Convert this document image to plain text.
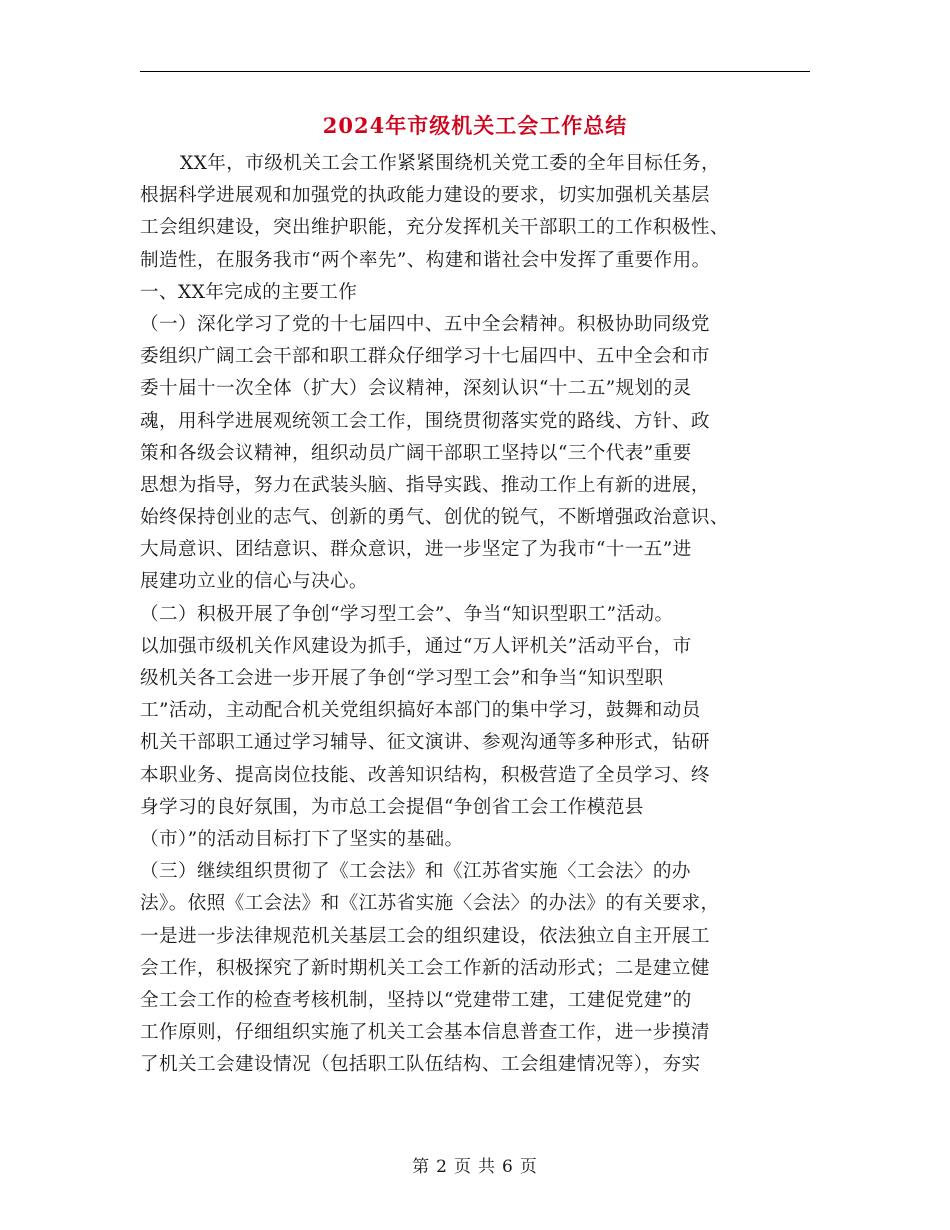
2024年市级机关工会工作总结
XX年，市级机关工会工作紧紧围绕机关党工委的全年目标任务，
根据科学进展观和加强党的执政能力建设的要求，切实加强机关基层
工会组织建设，突出维护职能，充分发挥机关干部职工的工作积极性、
制造性，在服务我市“两个率先”、构建和谐社会中发挥了重要作用。
一、XX年完成的主要工作
（一）深化学习了党的十七届四中、五中全会精神。积极协助同级党
委组织广阔工会干部和职工群众仔细学习十七届四中、五中全会和市
委十届十一次全体（扩大）会议精神，深刻认识“十二五”规划的灵
魂，用科学进展观统领工会工作，围绕贯彻落实党的路线、方针、政
策和各级会议精神，组织动员广阔干部职工坚持以“三个代表”重要
思想为指导，努力在武装头脑、指导实践、推动工作上有新的进展，
始终保持创业的志气、创新的勇气、创优的锐气，不断增强政治意识、
大局意识、团结意识、群众意识，进一步坚定了为我市“十一五”进
展建功立业的信心与决心。
（二）积极开展了争创“学习型工会”、争当“知识型职工”活动。
以加强市级机关作风建设为抓手，通过“万人评机关”活动平台，市
级机关各工会进一步开展了争创“学习型工会”和争当“知识型职
工”活动，主动配合机关党组织搞好本部门的集中学习，鼓舞和动员
机关干部职工通过学习辅导、征文演讲、参观沟通等多种形式，钻研
本职业务、提高岗位技能、改善知识结构，积极营造了全员学习、终
身学习的良好氛围，为市总工会提倡“争创省工会工作模范县
（市）”的活动目标打下了坚实的基础。
（三）继续组织贯彻了《工会法》和《江苏省实施〈工会法〉的办
法》。依照《工会法》和《江苏省实施〈会法〉的办法》的有关要求，
一是进一步法律规范机关基层工会的组织建设，依法独立自主开展工
会工作，积极探究了新时期机关工会工作新的活动形式；二是建立健
全工会工作的检查考核机制，坚持以“党建带工建，工建促党建”的
工作原则，仔细组织实施了机关工会基本信息普查工作，进一步摸清
了机关工会建设情况（包括职工队伍结构、工会组建情况等），夯实
第 2 页 共 6 页
